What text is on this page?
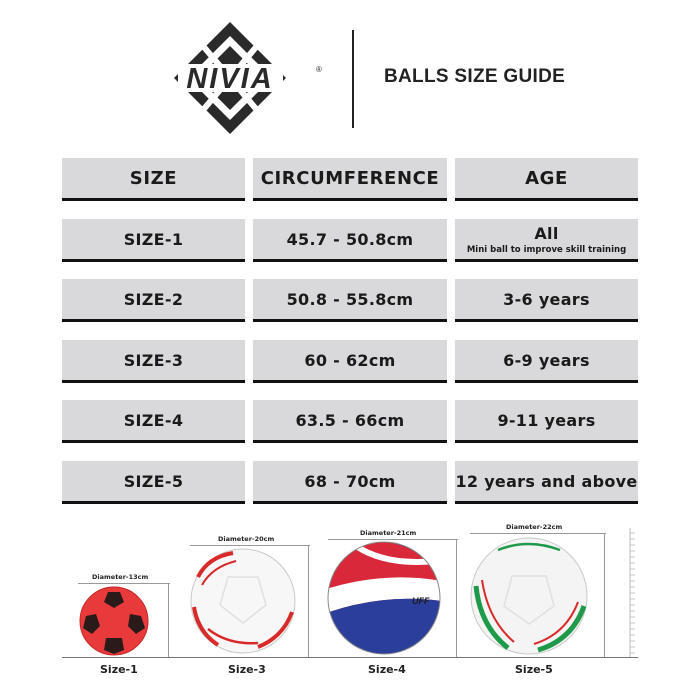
NIVIA	®	BALLS SIZE GUIDE
SIZE	CIRCUMFERENCE	AGE
SIZE-1	45.7 - 50.8cm	All
Mini ball to improve skill training
SIZE-2	50.8 - 55.8cm	3-6 years
SIZE-3	60 - 62cm	6-9 years
SIZE-4	63.5 - 66cm	9-11 years
SIZE-5	68 - 70cm	12 years and above
Diameter-13cm
Size-1
Diameter-20cm
Size-3
Diameter-21cm
UFF
Size-4
Diameter-22cm
Size-5
